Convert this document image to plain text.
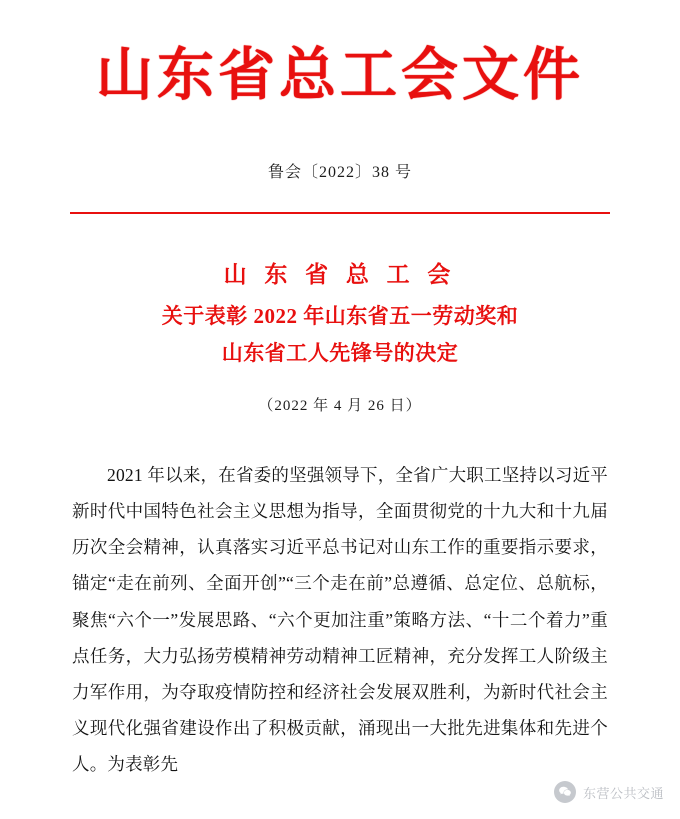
山东省总工会文件
鲁会〔2022〕38 号
山 东 省 总 工 会
关于表彰 2022 年山东省五一劳动奖和
山东省工人先锋号的决定
（2022 年 4 月 26 日）

2021 年以来，在省委的坚强领导下，全省广大职工坚持以习近平新时代中国特色社会主义思想为指导，全面贯彻党的十九大和十九届历次全会精神，认真落实习近平总书记对山东工作的重要指示要求，锚定“走在前列、全面开创”“三个走在前”总遵循、总定位、总航标，聚焦“六个一”发展思路、“六个更加注重”策略方法、“十二个着力”重点任务，大力弘扬劳模精神劳动精神工匠精神，充分发挥工人阶级主力军作用，为夺取疫情防控和经济社会发展双胜利，为新时代社会主义现代化强省建设作出了积极贡献，涌现出一大批先进集体和先进个人。为表彰先

东营公共交通
